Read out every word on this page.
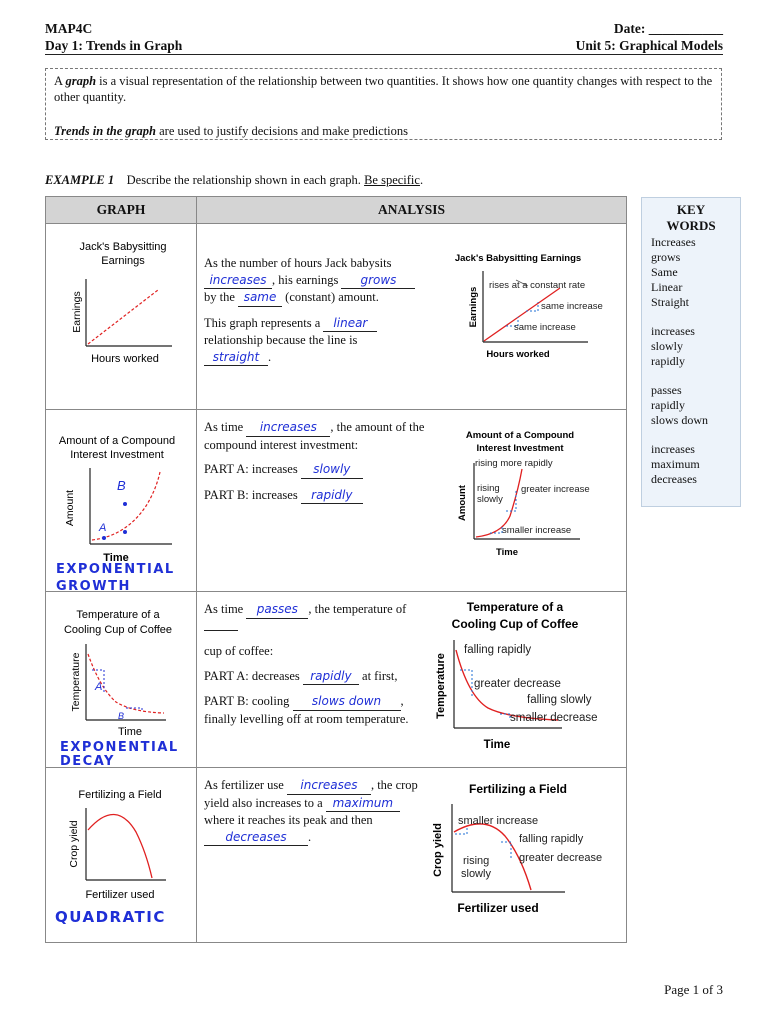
MAP4C
Day 1: Trends in Graph
Date: ___________
Unit 5: Graphical Models
A graph is a visual representation of the relationship between two quantities. It shows how one quantity changes with respect to the other quantity.
Trends in the graph are used to justify decisions and make predictions
EXAMPLE 1 Describe the relationship shown in each graph. Be specific.
GRAPH	ANALYSIS
Jack's Babysitting
Earnings
Earnings
Hours worked
As the number of hours Jack babysits
increases , his earnings grows
by the same (constant) amount.
This graph represents a linear
relationship because the line is
straight .
Jack's Babysitting Earnings
rises at a constant rate
same increase
same increase
Earnings
Hours worked
Amount of a Compound
Interest Investment
A
B
Amount
Time
EXPONENTIAL GROWTH
As time increases , the amount of the compound interest investment:
PART A: increases slowly
PART B: increases rapidly
Amount of a Compound
Interest Investment
rising more rapidly
rising
slowly
greater increase
smaller increase
Amount
Time
Temperature of a
Cooling Cup of Coffee
A
B
Temperature
Time
EXPONENTIAL DECAY
As time passes , the temperature of
cup of coffee:
PART A: decreases rapidly at first,
PART B: cooling slows down , finally levelling off at room temperature.
Temperature of a
Cooling Cup of Coffee
falling rapidly
greater decrease
falling slowly
smaller decrease
Temperature
Time
Fertilizing a Field
Crop yield
Fertilizer used
QUADRATIC
As fertilizer use increases , the crop yield also increases to a maximum where it reaches its peak and then decreases .
Fertilizing a Field
smaller increase
falling rapidly
greater decrease
rising
slowly
Crop yield
Fertilizer used
KEY
WORDS
Increases
grows
Same
Linear
Straight
increases
slowly
rapidly
passes
rapidly
slows down
increases
maximum
decreases
Page 1 of 3
